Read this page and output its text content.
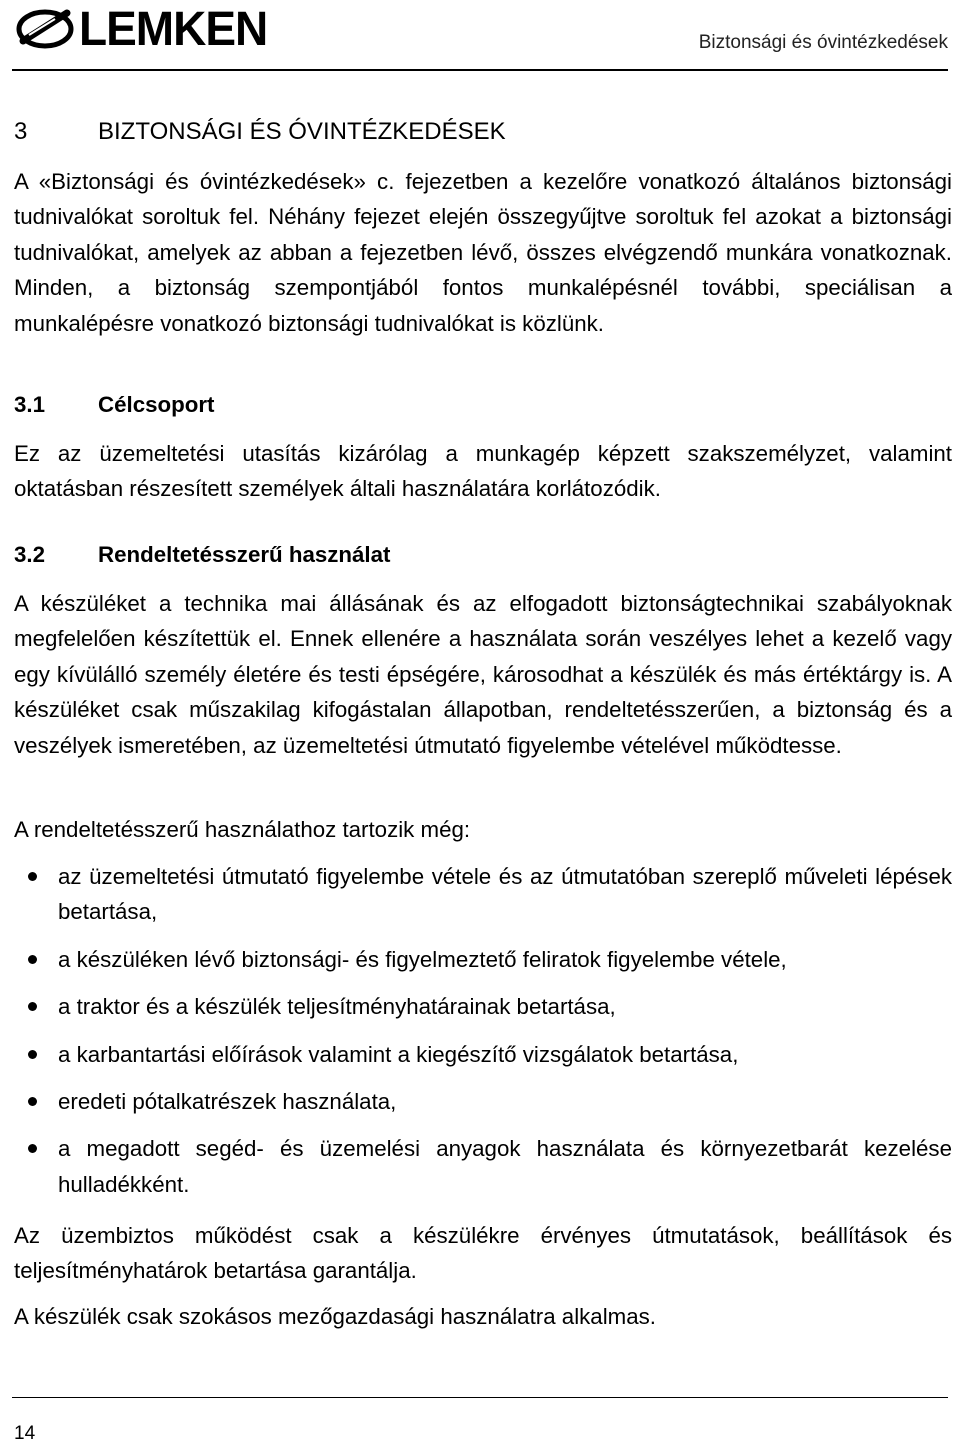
LEMKEN	Biztonsági és óvintézkedések
3	BIZTONSÁGI ÉS ÓVINTÉZKEDÉSEK
A «Biztonsági és óvintézkedések» c. fejezetben a kezelőre vonatkozó általános biztonsági tudnivalókat soroltuk fel. Néhány fejezet elején összegyűjtve soroltuk fel azokat a biztonsági tudnivalókat, amelyek az abban a fejezetben lévő, összes elvégzendő munkára vonatkoznak. Minden, a biztonság szempontjából fontos munkalépésnél további, speciálisan a munkalépésre vonatkozó biztonsági tudnivalókat is közlünk.
3.1 Célcsoport
Ez az üzemeltetési utasítás kizárólag a munkagép képzett szakszemélyzet, valamint oktatásban részesített személyek általi használatára korlátozódik.
3.2 Rendeltetésszerű használat
A készüléket a technika mai állásának és az elfogadott biztonságtechnikai szabályoknak megfelelően készítettük el. Ennek ellenére a használata során veszélyes lehet a kezelő vagy egy kívülálló személy életére és testi épségére, károsodhat a készülék és más értéktárgy is. A készüléket csak műszakilag kifogástalan állapotban, rendeltetésszerűen, a biztonság és a veszélyek ismeretében, az üzemeltetési útmutató figyelembe vételével működtesse.
A rendeltetésszerű használathoz tartozik még:
az üzemeltetési útmutató figyelembe vétele és az útmutatóban szereplő műveleti lépések betartása,
a készüléken lévő biztonsági- és figyelmeztető feliratok figyelembe vétele,
a traktor és a készülék teljesítményhatárainak betartása,
a karbantartási előírások valamint a kiegészítő vizsgálatok betartása,
eredeti pótalkatrészek használata,
a megadott segéd- és üzemelési anyagok használata és környezetbarát kezelése hulladékként.
Az üzembiztos működést csak a készülékre érvényes útmutatások, beállítások és teljesítményhatárok betartása garantálja.
A készülék csak szokásos mezőgazdasági használatra alkalmas.
14
